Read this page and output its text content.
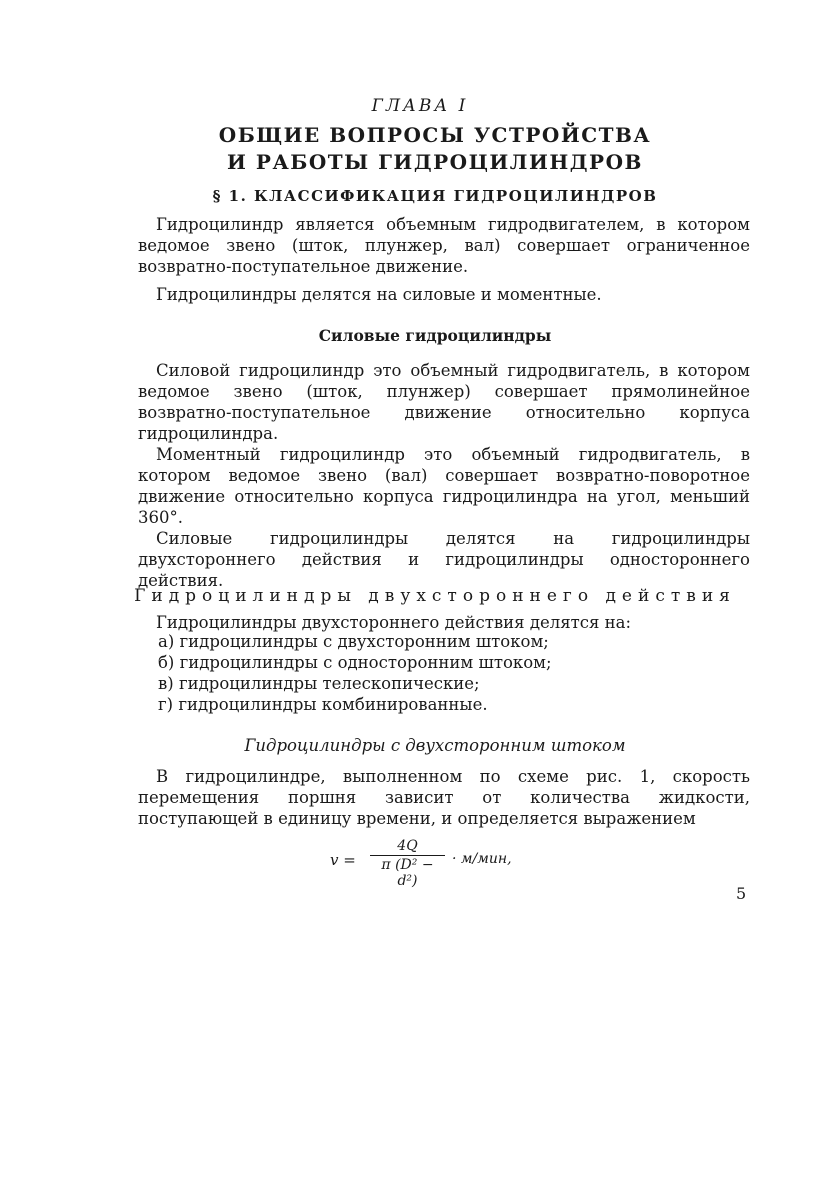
ГЛАВА I
ОБЩИЕ ВОПРОСЫ УСТРОЙСТВА
И РАБОТЫ ГИДРОЦИЛИНДРОВ
§ 1. КЛАССИФИКАЦИЯ ГИДРОЦИЛИНДРОВ

Гидроцилиндр является объемным гидродвигателем, в котором ведомое звено (шток, плунжер, вал) совершает ограниченное возвратно-поступательное движение.

Гидроцилиндры делятся на силовые и моментные.

Силовые гидроцилиндры

Силовой гидроцилиндр это объемный гидродвигатель, в котором ведомое звено (шток, плунжер) совершает прямолинейное возвратно-поступательное движение относительно корпуса гидроцилиндра.

Моментный гидроцилиндр это объемный гидродвигатель, в котором ведомое звено (вал) совершает возвратно-поворотное движение относительно корпуса гидроцилиндра на угол, меньший 360°.

Силовые гидроцилиндры делятся на гидроцилиндры двухстороннего действия и гидроцилиндры одностороннего действия.

Гидроцилиндры двухстороннего действия

Гидроцилиндры двухстороннего действия делятся на:

а) гидроцилиндры с двухсторонним штоком;
б) гидроцилиндры с односторонним штоком;
в) гидроцилиндры телескопические;
г) гидроцилиндры комбинированные.
Гидроцилиндры с двухсторонним штоком

В гидроцилиндре, выполненном по схеме рис. 1, скорость перемещения поршня зависит от количества жидкости, поступающей в единицу времени, и определяется выражением

v =
4Q
π (D² − d²)
· м/мин,
5
